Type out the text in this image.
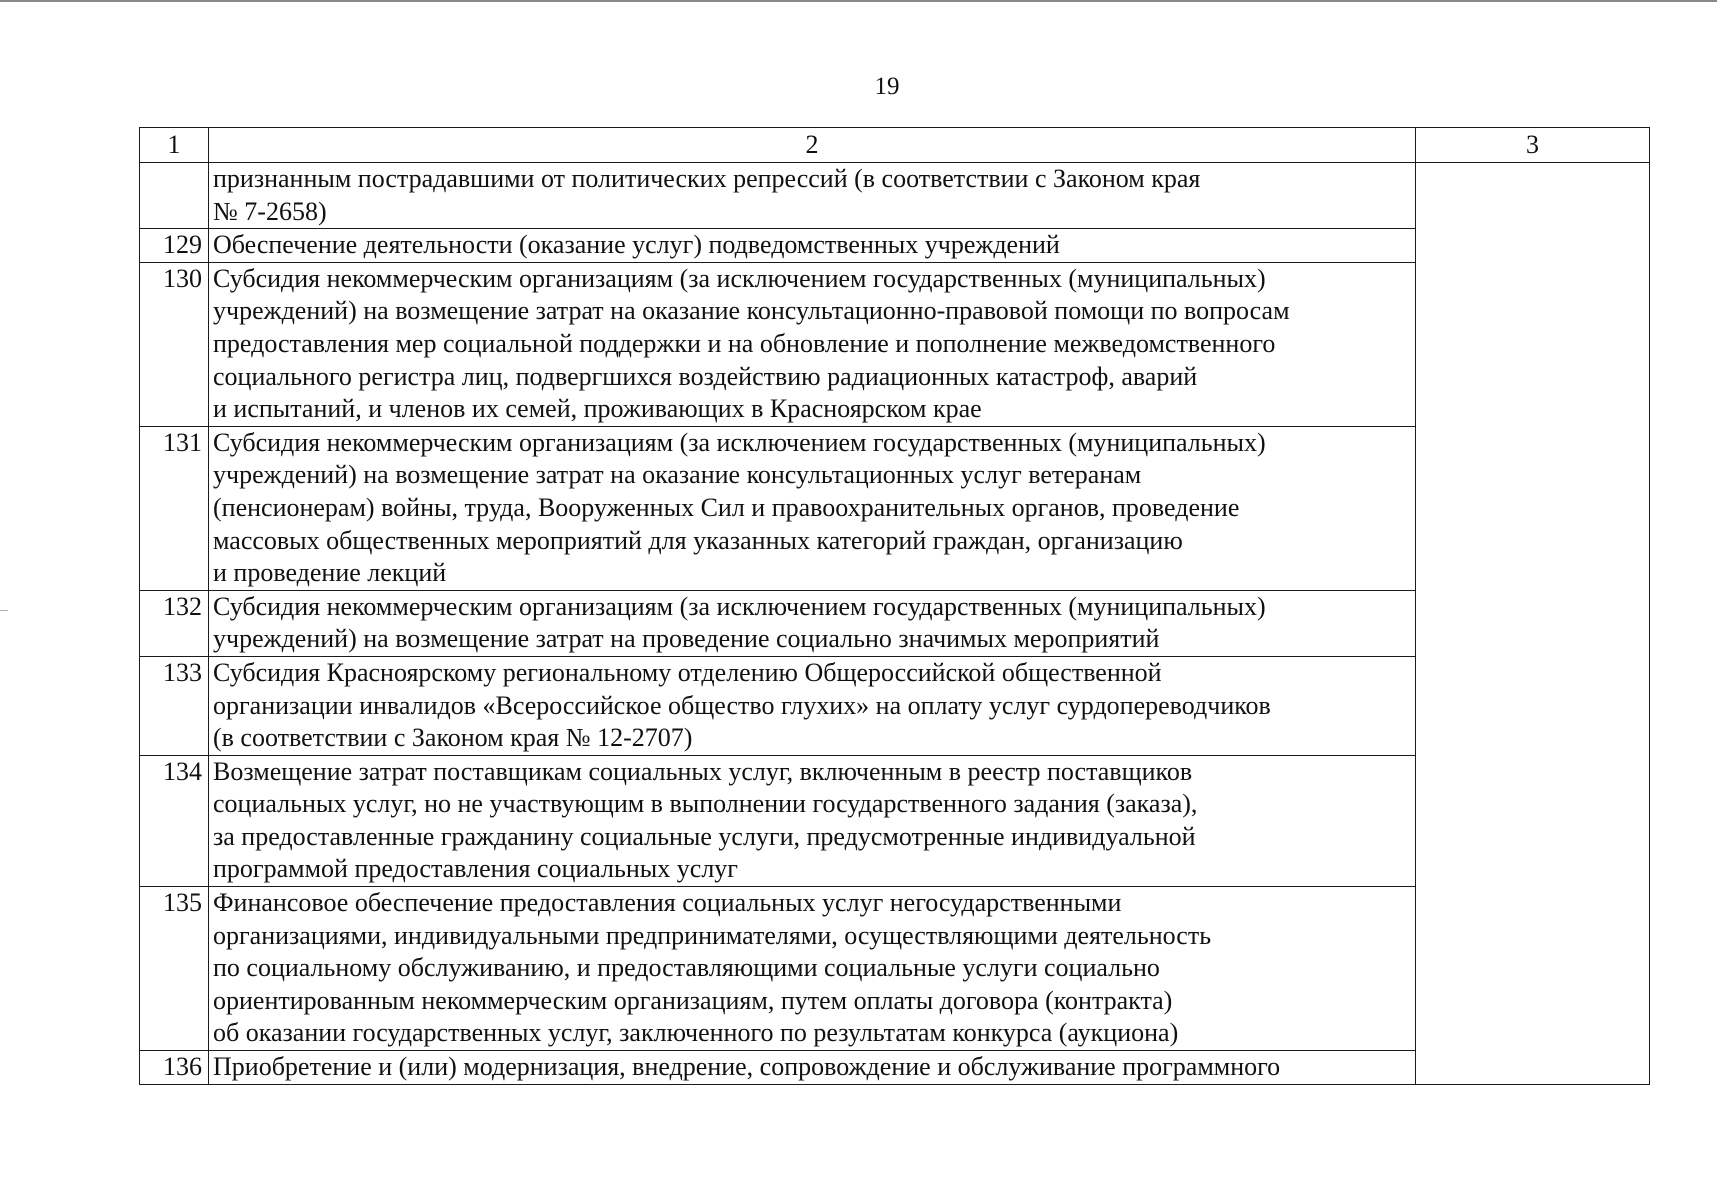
19
1	2	3

	признанным пострадавшими от политических репрессий (в соответствии с Законом края
№ 7-2658)	

129	Обеспечение деятельности (оказание услуг) подведомственных учреждений	

130	Субсидия некоммерческим организациям (за исключением государственных (муниципальных)
учреждений) на возмещение затрат на оказание консультационно-правовой помощи по вопросам
предоставления мер социальной поддержки и на обновление и пополнение межведомственного
социального регистра лиц, подвергшихся воздействию радиационных катастроф, аварий
и испытаний, и членов их семей, проживающих в Красноярском крае	

131	Субсидия некоммерческим организациям (за исключением государственных (муниципальных)
учреждений) на возмещение затрат на оказание консультационных услуг ветеранам
(пенсионерам) войны, труда, Вооруженных Сил и правоохранительных органов, проведение
массовых общественных мероприятий для указанных категорий граждан, организацию
и проведение лекций	

132	Субсидия некоммерческим организациям (за исключением государственных (муниципальных)
учреждений) на возмещение затрат на проведение социально значимых мероприятий	

133	Субсидия Красноярскому региональному отделению Общероссийской общественной
организации инвалидов «Всероссийское общество глухих» на оплату услуг сурдопереводчиков
(в соответствии с Законом края № 12-2707)	

134	Возмещение затрат поставщикам социальных услуг, включенным в реестр поставщиков
социальных услуг, но не участвующим в выполнении государственного задания (заказа),
за предоставленные гражданину социальные услуги, предусмотренные индивидуальной
программой предоставления социальных услуг	

135	Финансовое обеспечение предоставления социальных услуг негосударственными
организациями, индивидуальными предпринимателями, осуществляющими деятельность
по социальному обслуживанию, и предоставляющими социальные услуги социально
ориентированным некоммерческим организациям, путем оплаты договора (контракта)
об оказании государственных услуг, заключенного по результатам конкурса (аукциона)	

136	Приобретение и (или) модернизация, внедрение, сопровождение и обслуживание программного	
